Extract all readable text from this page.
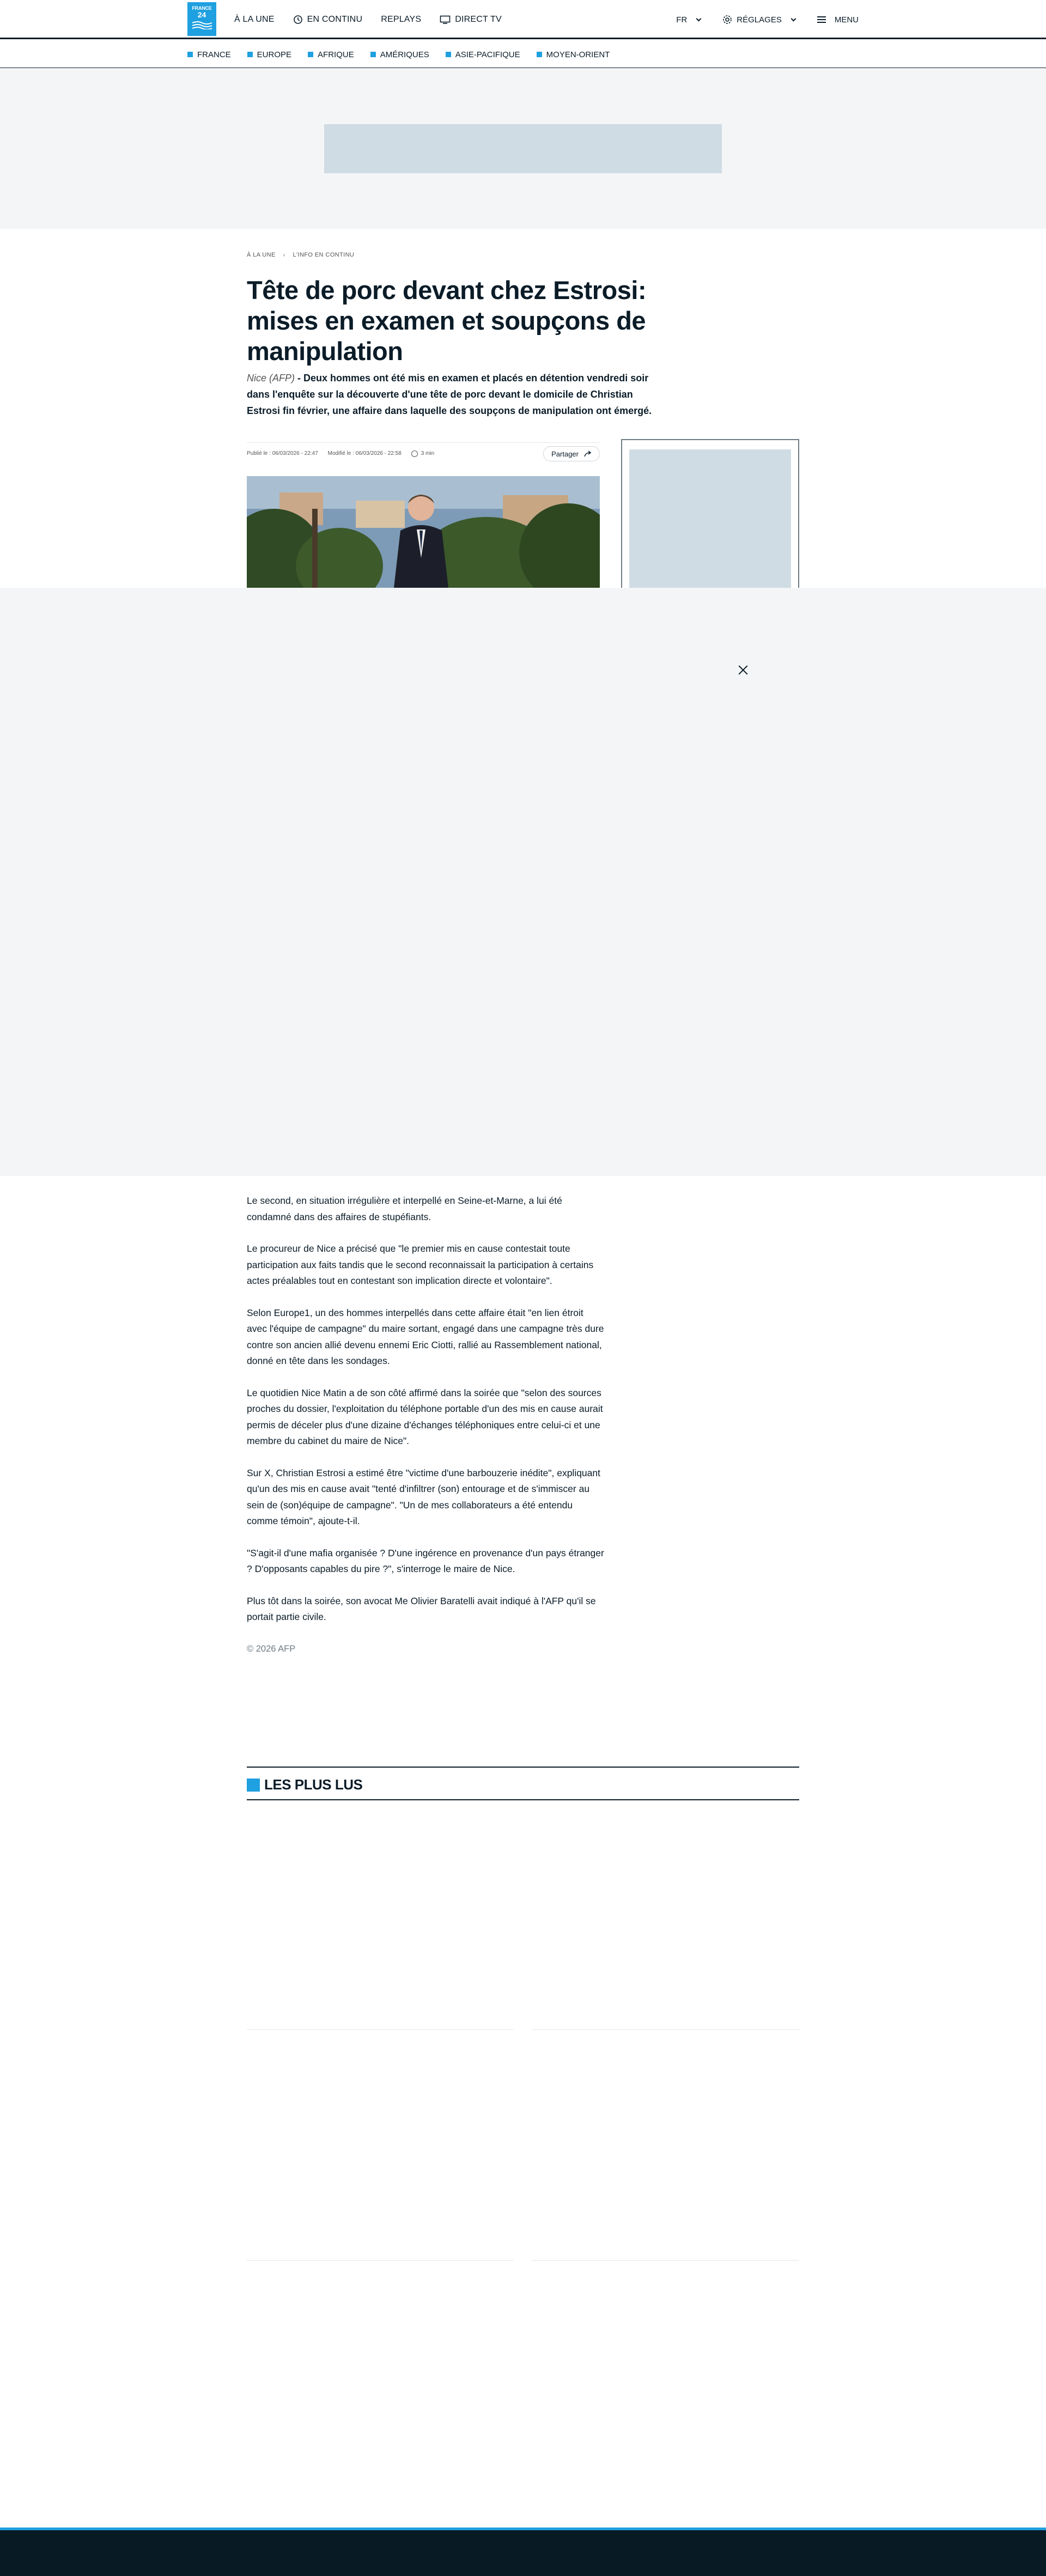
FRANCE
24	À LA UNE	EN CONTINU REPLAYS	DIRECT TV	FR	RÉGLAGES	MENU
FRANCE	EUROPE	AFRIQUE	AMÉRIQUES	ASIE-PACIFIQUE	MOYEN-ORIENT
À LA UNE › L'INFO EN CONTINU
Tête de porc devant chez Estrosi: mises en examen et soupçons de manipulation

Nice (AFP) - Deux hommes ont été mis en examen et placés en détention vendredi soir dans l'enquête sur la découverte d'une tête de porc devant le domicile de Christian Estrosi fin février, une affaire dans laquelle des soupçons de manipulation ont émergé.

Publié le : 06/03/2026 - 22:47 Modifié le : 06/03/2026 - 22:58	3 min	Partager

Le second, en situation irrégulière et interpellé en Seine-et-Marne, a lui été condamné dans des affaires de stupéfiants.

Le procureur de Nice a précisé que "le premier mis en cause contestait toute participation aux faits tandis que le second reconnaissait la participation à certains actes préalables tout en contestant son implication directe et volontaire".

Selon Europe1, un des hommes interpellés dans cette affaire était "en lien étroit avec l'équipe de campagne" du maire sortant, engagé dans une campagne très dure contre son ancien allié devenu ennemi Eric Ciotti, rallié au Rassemblement national, donné en tête dans les sondages.

Le quotidien Nice Matin a de son côté affirmé dans la soirée que "selon des sources proches du dossier, l'exploitation du téléphone portable d'un des mis en cause aurait permis de déceler plus d'une dizaine d'échanges téléphoniques entre celui-ci et une membre du cabinet du maire de Nice".

Sur X, Christian Estrosi a estimé être "victime d'une barbouzerie inédite", expliquant qu'un des mis en cause avait "tenté d'infiltrer (son) entourage et de s'immiscer au sein de (son)équipe de campagne". "Un de mes collaborateurs a été entendu comme témoin", ajoute-t-il.

"S'agit-il d'une mafia organisée ? D'une ingérence en provenance d'un pays étranger ? D'opposants capables du pire ?", s'interroge le maire de Nice.

Plus tôt dans la soirée, son avocat Me Olivier Baratelli avait indiqué à l'AFP qu'il se portait partie civile.

© 2026 AFP

LES PLUS LUS
